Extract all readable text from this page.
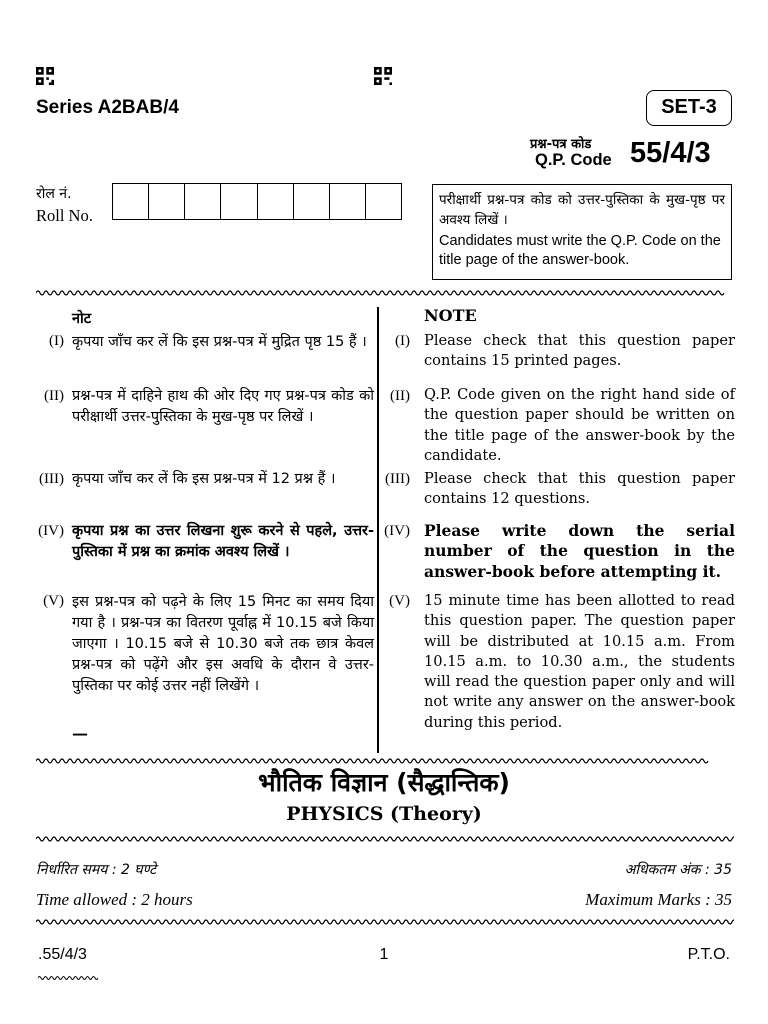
Series A2BAB/4	SET-3
प्रश्न-पत्र कोड
Q.P. Code 55/4/3
रोल नं.
Roll No.
परीक्षार्थी प्रश्न-पत्र कोड को उत्तर-पुस्तिका के मुख-पृष्ठ पर अवश्य लिखें ।
Candidates must write the Q.P. Code on the title page of the answer-book.
नोट	NOTE
(I) कृपया जाँच कर लें कि इस प्रश्न-पत्र में मुद्रित पृष्ठ 15 हैं ।	(I) Please check that this question paper contains 15 printed pages.
(II) प्रश्न-पत्र में दाहिने हाथ की ओर दिए गए प्रश्न-पत्र कोड को परीक्षार्थी उत्तर-पुस्तिका के मुख-पृष्ठ पर लिखें ।
(II) Q.P. Code given on the right hand side of the question paper should be written on the title page of the answer-book by the candidate.
(III) कृपया जाँच कर लें कि इस प्रश्न-पत्र में 12 प्रश्न हैं ।	(III) Please check that this question paper contains 12 questions.
(IV) कृपया प्रश्न का उत्तर लिखना शुरू करने से पहले, उत्तर-पुस्तिका में प्रश्न का क्रमांक अवश्य लिखें ।
(IV) Please write down the serial number of the question in the answer-book before attempting it.
(V) इस प्रश्न-पत्र को पढ़ने के लिए 15 मिनट का समय दिया गया है । प्रश्न-पत्र का वितरण पूर्वाह्न में 10.15 बजे किया जाएगा । 10.15 बजे से 10.30 बजे तक छात्र केवल प्रश्न-पत्र को पढ़ेंगे और इस अवधि के दौरान वे उत्तर-पुस्तिका पर कोई उत्तर नहीं लिखेंगे ।
—
(V) 15 minute time has been allotted to read this question paper. The question paper will be distributed at 10.15 a.m. From 10.15 a.m. to 10.30 a.m., the students will read the question paper only and will not write any answer on the answer-book during this period.
भौतिक विज्ञान (सैद्धान्तिक)
PHYSICS (Theory)
निर्धारित समय : 2 घण्टे	अधिकतम अंक : 35
Time allowed : 2 hours	Maximum Marks : 35
.55/4/3	1	P.T.O.
